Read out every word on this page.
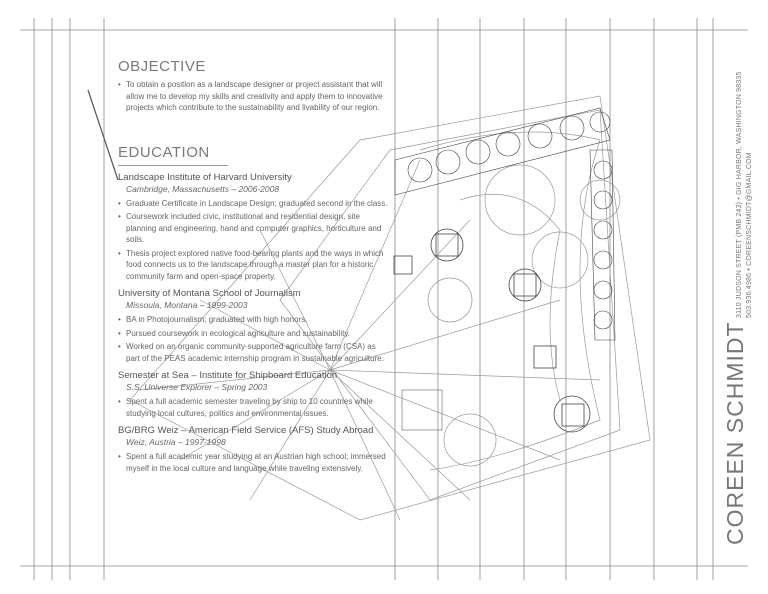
OBJECTIVE
• To obtain a position as a landscape designer or project assistant that will allow me to develop my skills and creativity and apply them to innovative projects which contribute to the sustainability and livability of our region.
EDUCATION
Landscape Institute of Harvard University
Cambridge, Massachusetts – 2006-2008
• Graduate Certificate in Landscape Design; graduated second in the class.
• Coursework included civic, institutional and residential design, site planning and engineering, hand and computer graphics, horticulture and soils.
• Thesis project explored native food-bearing plants and the ways in which food connects us to the landscape through a master plan for a historic community farm and open-space property.
University of Montana School of Journalism
Missoula, Montana – 1999-2003
• BA in Photojournalism; graduated with high honors.
• Pursued coursework in ecological agriculture and sustainability.
• Worked on an organic community-supported agriculture farm (CSA) as part of the PEAS academic internship program in sustainable agriculture.
Semester at Sea – Institute for Shipboard Education
S.S. Universe Explorer – Spring 2003
• Spent a full academic semester traveling by ship to 10 countries while studying local cultures, politics and environmental issues.
BG/BRG Weiz – American Field Service (AFS) Study Abroad
Weiz, Austria – 1997-1998
• Spent a full academic year studying at an Austrian high school; immersed myself in the local culture and language while traveling extensively.	COREEN SCHMIDT
3110 JUDSON STREET (PMB 243) • GIG HARBOR, WASHINGTON 98335 503.936.4986 • COREENSCHMIDT@GMAIL.COM
